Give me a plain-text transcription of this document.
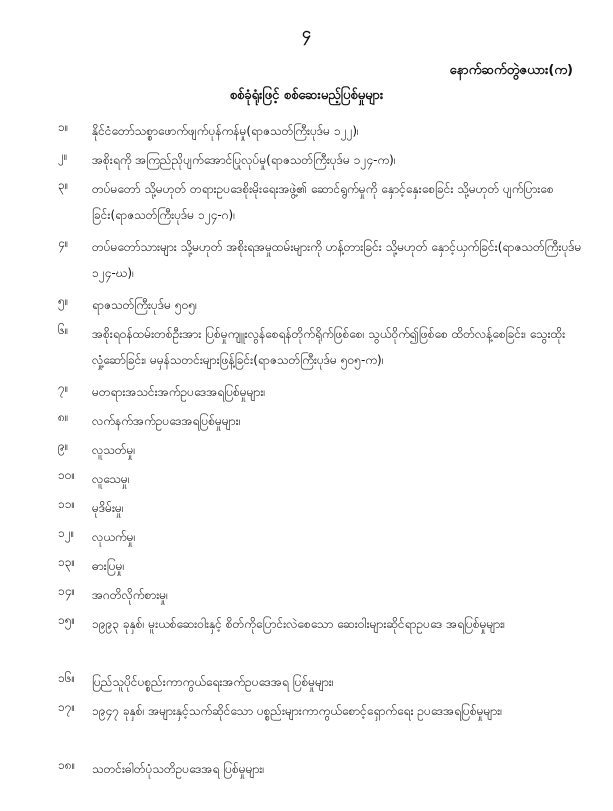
၄
နောက်ဆက်တွဲဇယား(က)
စစ်ခုံရုံးဖြင့် စစ်ဆေးမည့်ပြစ်မှုများ
၁။ နိုင်ငံတော်သစ္စာဖောက်ဖျက်ပုန်ကန်မှု(ရာဇသတ်ကြီးပုဒ်မ ၁၂၂)၊
၂။ အစိုးရကို အကြည်ညိုပျက်အောင်ပြုလုပ်မှု(ရာဇသတ်ကြီးပုဒ်မ ၁၂၄-က)၊
၃။ တပ်မတော် သို့မဟုတ် တရားဥပဒေစိုးမိုးရေးအဖွဲ့၏ ဆောင်ရွက်မှုကို နှောင့်နှေးစေခြင်း သို့မဟုတ် ပျက်ပြားစေခြင်း(ရာဇသတ်ကြီးပုဒ်မ ၁၂၄-ဂ)၊
၄။ တပ်မတော်သားများ သို့မဟုတ် အစိုးရအမှုထမ်းများကို ဟန့်တားခြင်း သို့မဟုတ် နှောင့်ယှက်ခြင်း(ရာဇသတ်ကြီးပုဒ်မ ၁၂၄-ဃ)၊
၅။ ရာဇသတ်ကြီးပုဒ်မ ၅၀၅၊
၆။ အစိုးရဝန်ထမ်းတစ်ဦးအား ပြစ်မှုကျူးလွန်စေရန်တိုက်ရိုက်ဖြစ်စေ၊ သွယ်ဝိုက်၍ဖြစ်စေ ထိတ်လန့်စေခြင်း၊ သွေးထိုးလှုံ့ဆော်ခြင်း၊ မမှန်သတင်းများဖြန့်ခြင်း(ရာဇသတ်ကြီးပုဒ်မ ၅၀၅-က)၊
၇။ မတရားအသင်းအက်ဥပဒေအရပြစ်မှုများ၊
၈။ လက်နက်အက်ဥပဒေအရပြစ်မှုများ၊
၉။ လူသတ်မှု၊
၁၀။ လူသေမှု၊
၁၁။ မုဒိမ်းမှု၊
၁၂။ လုယက်မှု၊
၁၃။ ဓားပြမှု၊
၁၄။ အဂတိလိုက်စားမှု၊
၁၅။ ၁၉၉၃ ခုနှစ်၊ မူးယစ်ဆေးဝါးနှင့် စိတ်ကိုပြောင်းလဲစေသော ဆေးဝါးများဆိုင်ရာဥပဒေ အရပြစ်မှုများ၊
၁၆။ ပြည်သူပိုင်ပစ္စည်းကာကွယ်ရေးအက်ဥပဒေအရ ပြစ်မှုများ၊
၁၇။ ၁၉၄၇ ခုနှစ်၊ အများနှင့်သက်ဆိုင်သော ပစ္စည်းများကာကွယ်စောင့်ရှောက်ရေး ဥပဒေအရပြစ်မှုများ၊
၁၈။ သတင်းဓါတ်ပုံသတိဥပဒေအရ ပြစ်မှုများ၊
